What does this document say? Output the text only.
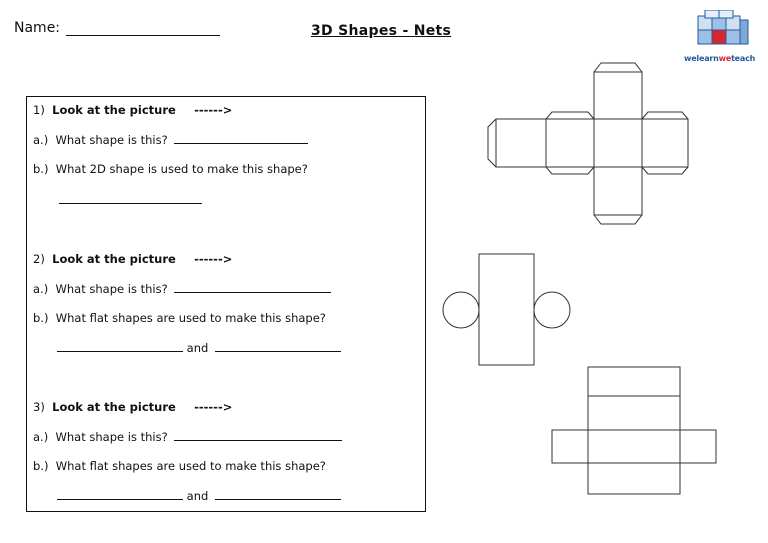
Name:	3D Shapes - Nets
welearnweteach
1) Look at the picture ------>
a.) What shape is this?
b.) What 2D shape is used to make this shape?
2) Look at the picture ------>
a.) What shape is this?
b.) What flat shapes are used to make this shape?
and
3) Look at the picture ------>
a.) What shape is this?
b.) What flat shapes are used to make this shape?
and
